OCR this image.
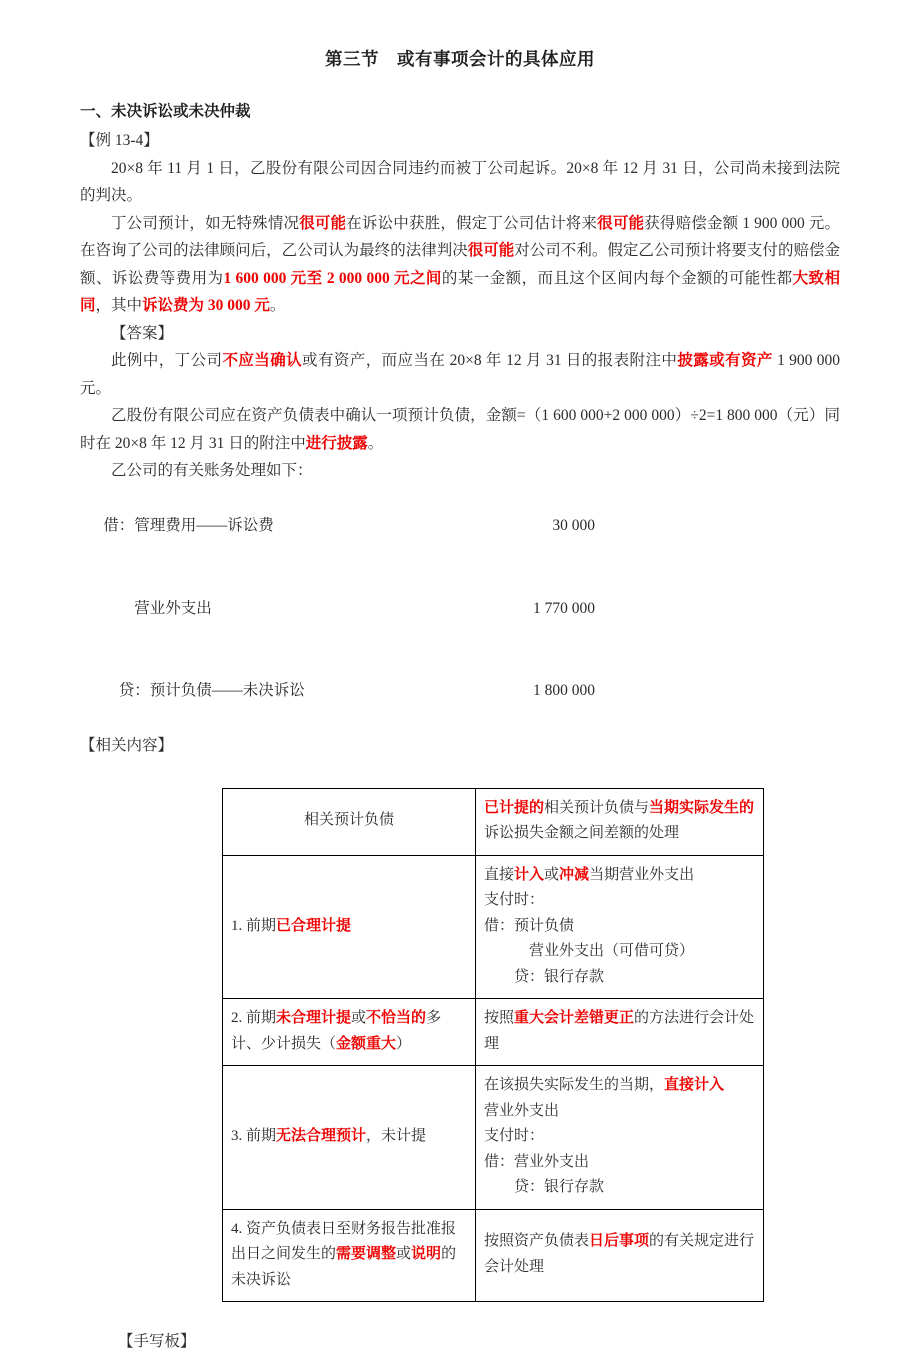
第三节 或有事项会计的具体应用
一、未决诉讼或未决仲裁
【例 13-4】
20×8 年 11 月 1 日，乙股份有限公司因合同违约而被丁公司起诉。20×8 年 12 月 31 日，公司尚未接到法院的判决。
丁公司预计，如无特殊情况很可能在诉讼中获胜，假定丁公司估计将来很可能获得赔偿金额 1 900 000 元。在咨询了公司的法律顾问后，乙公司认为最终的法律判决很可能对公司不利。假定乙公司预计将要支付的赔偿金额、诉讼费等费用为1 600 000 元至 2 000 000 元之间的某一金额，而且这个区间内每个金额的可能性都大致相同，其中诉讼费为 30 000 元。
【答案】
此例中，丁公司不应当确认或有资产，而应当在 20×8 年 12 月 31 日的报表附注中披露或有资产 1 900 000 元。
乙股份有限公司应在资产负债表中确认一项预计负债，金额=（1 600 000+2 000 000）÷2=1 800 000（元）同时在 20×8 年 12 月 31 日的附注中进行披露。
乙公司的有关账务处理如下：

借：管理费用——诉讼费	30 000

　　营业外支出	1 770 000

　贷：预计负债——未决诉讼	1 800 000

【相关内容】
相关预计负债	已计提的相关预计负债与当期实际发生的诉讼损失金额之间差额的处理
1. 前期已合理计提	直接计入或冲减当期营业外支出
支付时：
借：预计负债
　　　营业外支出（可借可贷）
　　贷：银行存款

2. 前期未合理计提或不恰当的多计、少计损失（金额重大）	按照重大会计差错更正的方法进行会计处理

3. 前期无法合理预计，未计提	在该损失实际发生的当期，直接计入
营业外支出
支付时：
借：营业外支出
　　贷：银行存款

4. 资产负债表日至财务报告批准报出日之间发生的需要调整或说明的未决诉讼	按照资产负债表日后事项的有关规定进行会计处理
【手写板】
